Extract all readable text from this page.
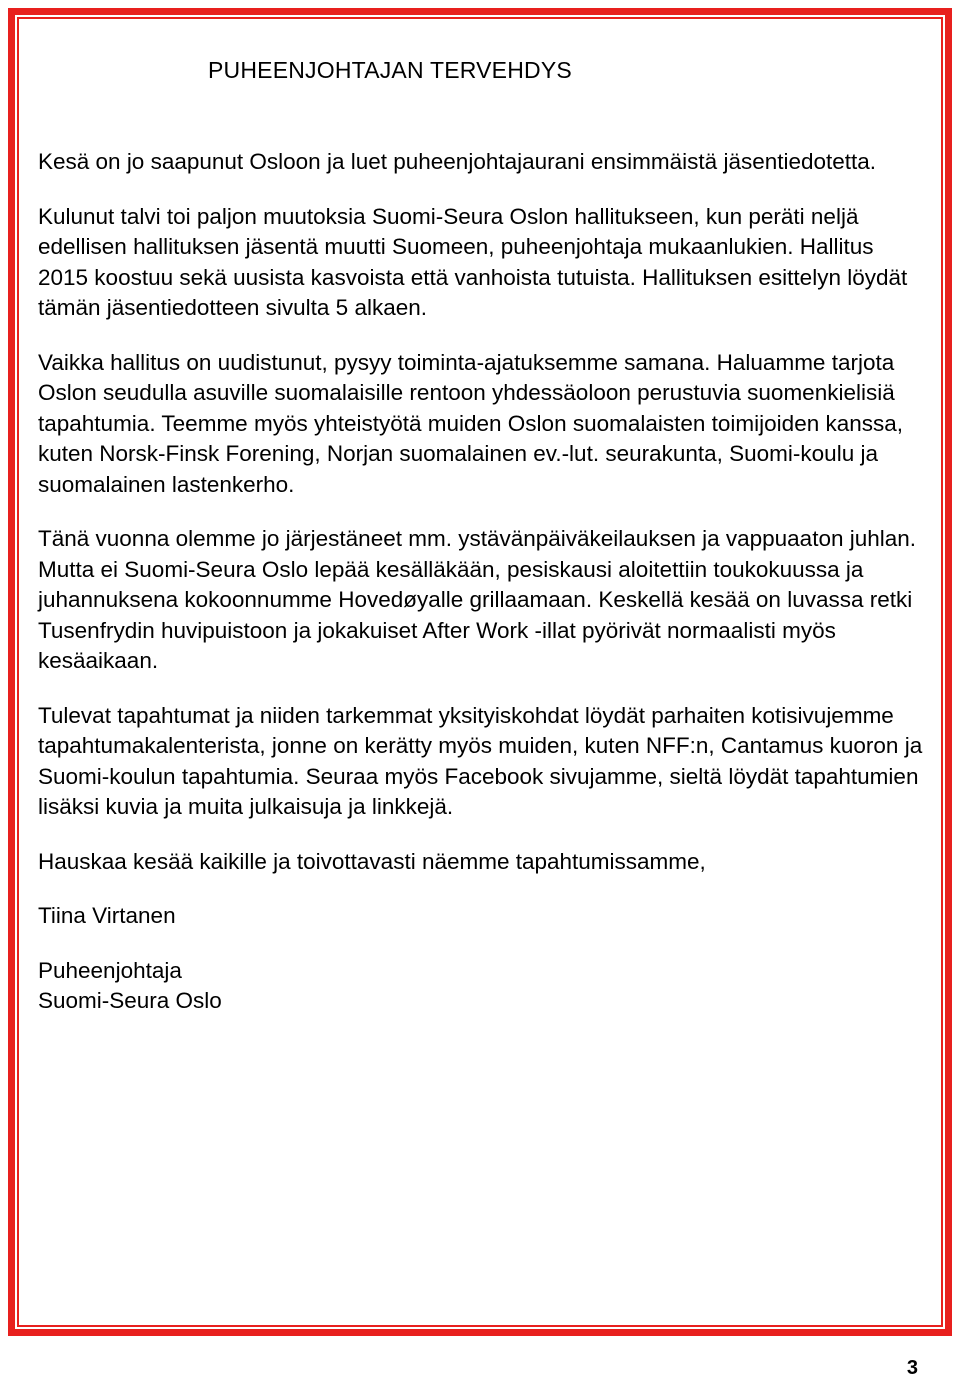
PUHEENJOHTAJAN TERVEHDYS

Kesä on jo saapunut Osloon ja luet puheenjohtajaurani ensimmäistä jäsentiedotetta.

Kulunut talvi toi paljon muutoksia Suomi-Seura Oslon hallitukseen, kun peräti neljä edellisen hallituksen jäsentä muutti Suomeen, puheenjohtaja mukaanlukien. Hallitus 2015 koostuu sekä uusista kasvoista että vanhoista tutuista. Hallituksen esittelyn löydät tämän jäsentiedotteen sivulta 5 alkaen.

Vaikka hallitus on uudistunut, pysyy toiminta-ajatuksemme samana. Haluamme tarjota Oslon seudulla asuville suomalaisille rentoon yhdessäoloon perustuvia suomenkielisiä tapahtumia. Teemme myös yhteistyötä muiden Oslon suomalaisten toimijoiden kanssa, kuten Norsk-Finsk Forening, Norjan suomalainen ev.-lut. seurakunta, Suomi-koulu ja suomalainen lastenkerho.

Tänä vuonna olemme jo järjestäneet mm. ystävänpäiväkeilauksen ja vappuaaton juhlan. Mutta ei Suomi-Seura Oslo lepää kesälläkään, pesiskausi aloitettiin toukokuussa ja juhannuksena kokoonnumme Hovedøyalle grillaamaan. Keskellä kesää on luvassa retki Tusenfrydin huvipuistoon ja jokakuiset After Work -illat pyörivät normaalisti myös kesäaikaan.

Tulevat tapahtumat ja niiden tarkemmat yksityiskohdat löydät parhaiten kotisivujemme tapahtumakalenterista, jonne on kerätty myös muiden, kuten NFF:n, Cantamus kuoron ja Suomi-koulun tapahtumia. Seuraa myös Facebook sivujamme, sieltä löydät tapahtumien lisäksi kuvia ja muita julkaisuja ja linkkejä.

Hauskaa kesää kaikille ja toivottavasti näemme tapahtumissamme,

Tiina Virtanen

Puheenjohtaja

Suomi-Seura Oslo

3
